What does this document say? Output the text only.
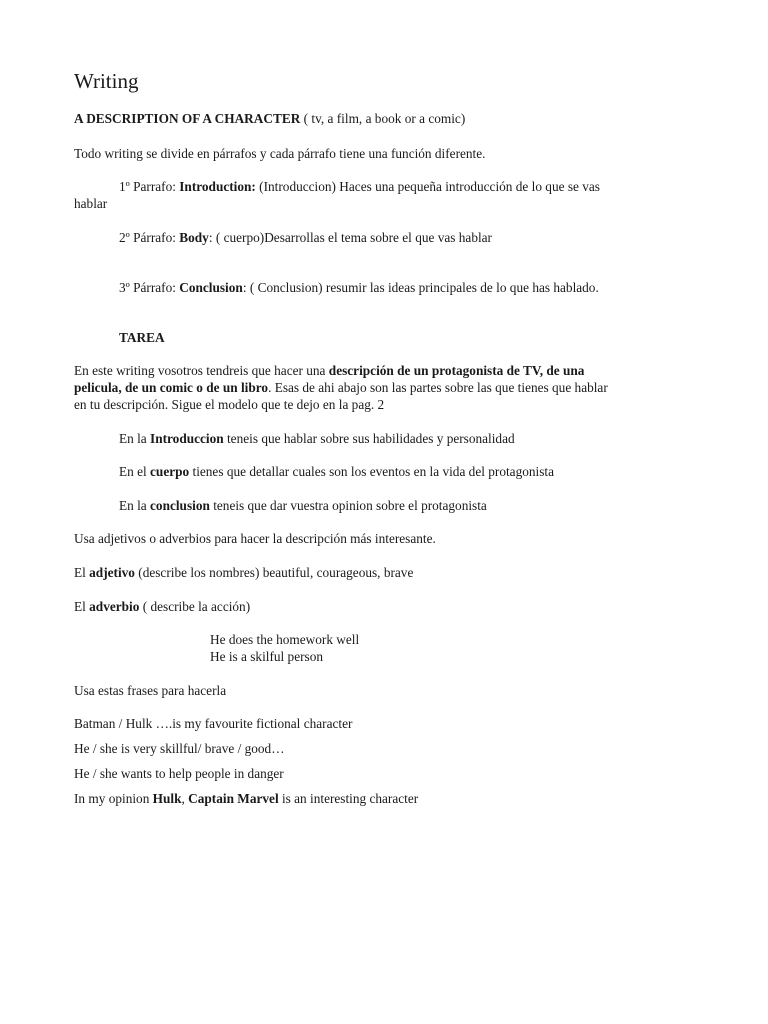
Writing
A DESCRIPTION OF A CHARACTER ( tv, a film, a book or a comic)
Todo writing se divide en párrafos y cada párrafo tiene una función diferente.
1º Parrafo: Introduction: (Introduccion) Haces una pequeña introducción de lo que se vas
hablar
2º Párrafo: Body: ( cuerpo)Desarrollas el tema sobre el que vas hablar
3º Párrafo: Conclusion: ( Conclusion) resumir las ideas principales de lo que has hablado.
TAREA
En este writing vosotros tendreis que hacer una descripción de un protagonista de TV, de una
pelicula, de un comic o de un libro. Esas de ahi abajo son las partes sobre las que tienes que hablar
en tu descripción. Sigue el modelo que te dejo en la pag. 2
En la Introduccion teneis que hablar sobre sus habilidades y personalidad
En el cuerpo tienes que detallar cuales son los eventos en la vida del protagonista
En la conclusion teneis que dar vuestra opinion sobre el protagonista
Usa adjetivos o adverbios para hacer la descripción más interesante.
El adjetivo (describe los nombres) beautiful, courageous, brave
El adverbio ( describe la acción)
He does the homework well
He is a skilful person
Usa estas frases para hacerla
Batman / Hulk ….is my favourite fictional character
He / she is very skillful/ brave / good…
He / she wants to help people in danger
In my opinion Hulk, Captain Marvel is an interesting character
